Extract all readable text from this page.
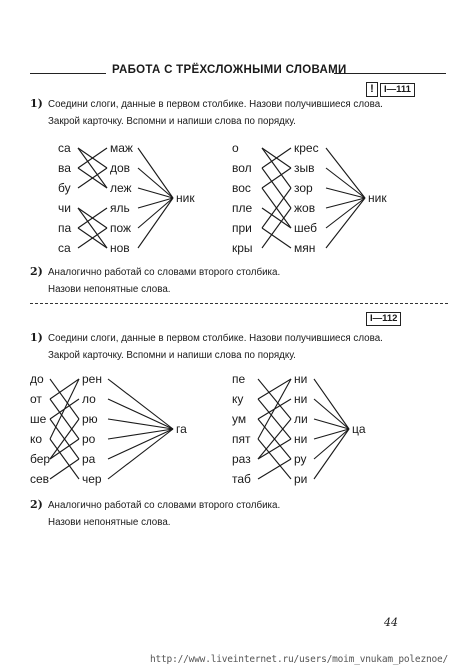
РАБОТА С ТРЁХСЛОЖНЫМИ СЛОВАМИ
!	I—111
1) Соедини слоги, данные в первом столбике. Назови получившиеся слова.
Закрой карточку. Вспомни и напиши слова по порядку.
са
ва
бу
чи
па
са
маж
дов
леж
яль
пож
нов
ник
о
вол
вос
пле
при
кры
крес
зыв
зор
жов
шеб
мян
ник
2) Аналогично работай со словами второго столбика.
Назови непонятные слова.
I—112
1) Соедини слоги, данные в первом столбике. Назови получившиеся слова.
Закрой карточку. Вспомни и напиши слова по порядку.
до
от
ше
ко
бер
сев
рен
ло
рю
ро
ра
чер
га
пе
ку
ум
пят
раз
таб
ни
ни
ли
ни
ру
ри
ца
2) Аналогично работай со словами второго столбика.
Назови непонятные слова.
44
http://www.liveinternet.ru/users/moim_vnukam_poleznoe/
